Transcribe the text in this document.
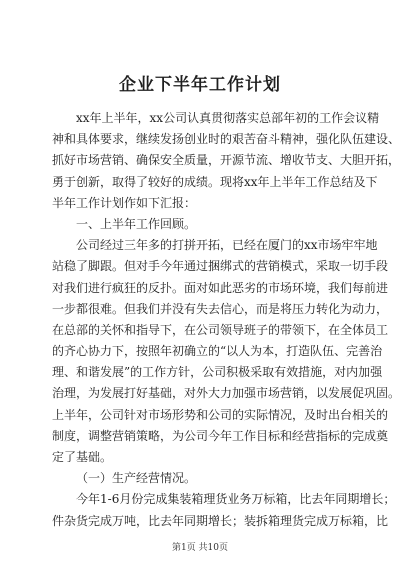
企业下半年工作计划
xx年上半年，xx公司认真贯彻落实总部年初的工作会议精
神和具体要求，继续发扬创业时的艰苦奋斗精神，强化队伍建设、
抓好市场营销、确保安全质量，开源节流、增收节支、大胆开拓，
勇于创新，取得了较好的成绩。现将xx年上半年工作总结及下
半年工作计划作如下汇报：
一、上半年工作回顾。
公司经过三年多的打拼开拓，已经在厦门的xx市场牢牢地
站稳了脚跟。但对手今年通过捆绑式的营销模式，采取一切手段
对我们进行疯狂的反扑。面对如此恶劣的市场环境，我们每前进
一步都很难。但我们并没有失去信心，而是将压力转化为动力，
在总部的关怀和指导下，在公司领导班子的带领下，在全体员工
的齐心协力下，按照年初确立的“以人为本，打造队伍、完善治
理、和谐发展”的工作方针，公司积极采取有效措施，对内加强
治理，为发展打好基础，对外大力加强市场营销，以发展促巩固。
上半年，公司针对市场形势和公司的实际情况，及时出台相关的
制度，调整营销策略，为公司今年工作目标和经营指标的完成奠
定了基础。
（一）生产经营情况。
今年1-6月份完成集装箱理货业务万标箱，比去年同期增长；
件杂货完成万吨，比去年同期增长；装拆箱理货完成万标箱，比
第1页 共10页
